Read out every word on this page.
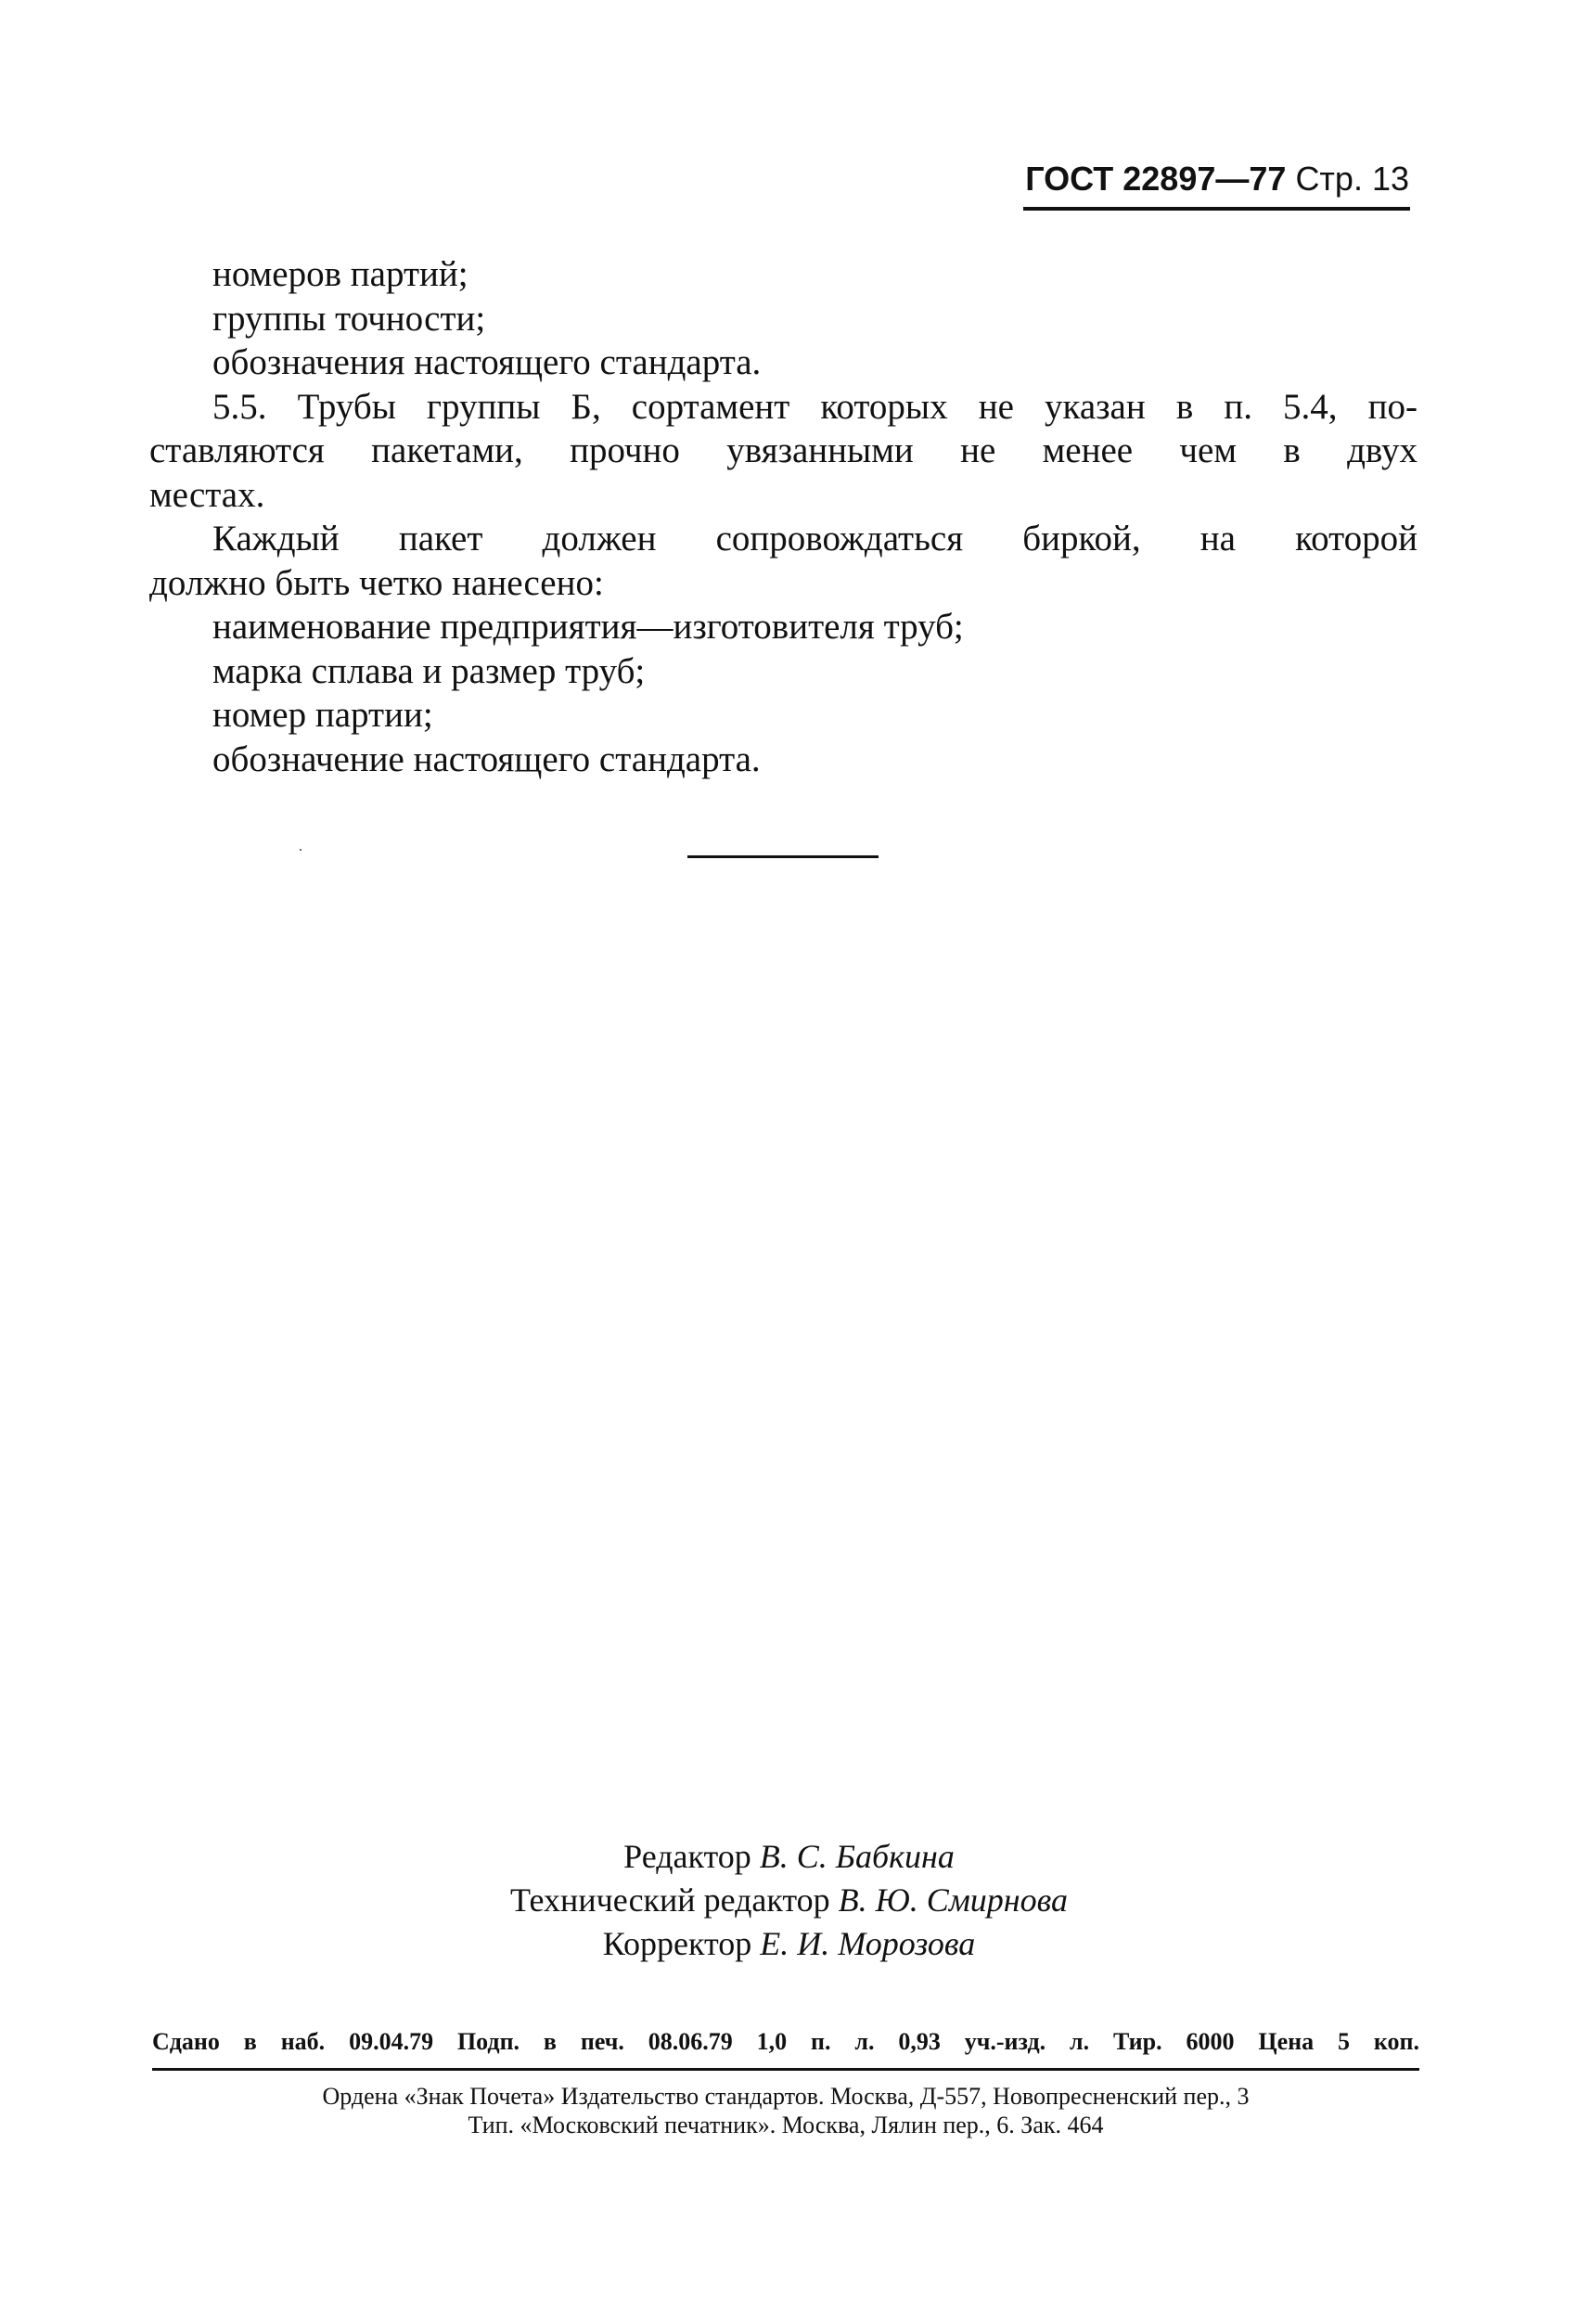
ГОСТ 22897—77 Стр. 13
номеров партий;
группы точности;
обозначения настоящего стандарта.
5.5. Трубы группы Б, сортамент которых не указан в п. 5.4, по-
ставляются пакетами, прочно увязанными не менее чем в двух
местах.
Каждый пакет должен сопровождаться биркой, на которой
должно быть четко нанесено:
наименование предприятия—изготовителя труб;
марка сплава и размер труб;
номер партии;
обозначение настоящего стандарта.
Редактор В. С. Бабкина
Технический редактор В. Ю. Смирнова
Корректор Е. И. Морозова
Сдано в наб. 09.04.79 Подп. в печ. 08.06.79 1,0 п. л. 0,93 уч.-изд. л. Тир. 6000 Цена 5 коп.
Ордена «Знак Почета» Издательство стандартов. Москва, Д-557, Новопресненский пер., 3
Тип. «Московский печатник». Москва, Лялин пер., 6. Зак. 464
